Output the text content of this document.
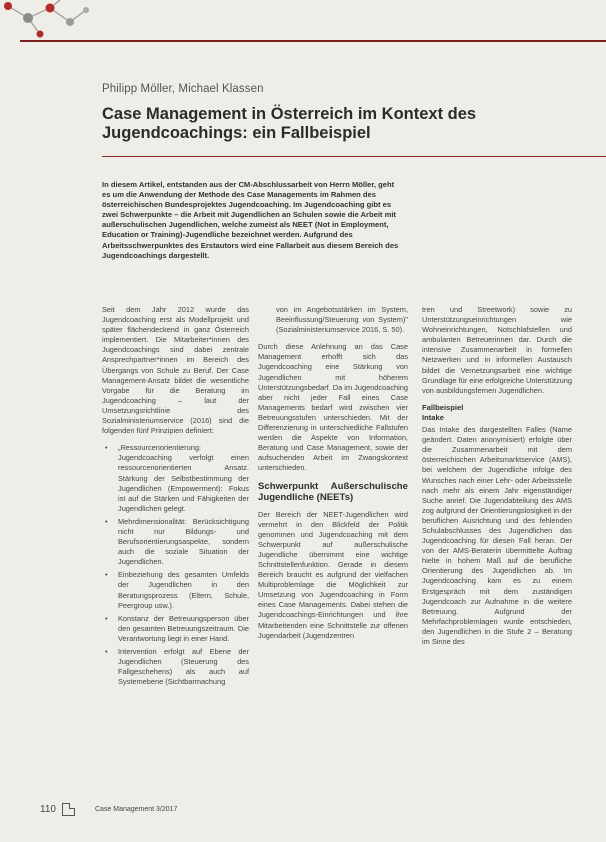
Philipp Möller, Michael Klassen
Case Management in Österreich im Kontext des Jugendcoachings: ein Fallbeispiel
In diesem Artikel, entstanden aus der CM-Abschlussarbeit von Herrn Möller, geht es um die Anwendung der Methode des Case Managements im Rahmen des österreichischen Bundesprojektes Jugendcoaching. Im Jugendcoaching gibt es zwei Schwerpunkte – die Arbeit mit Jugendlichen an Schulen sowie die Arbeit mit außerschulischen Jugendlichen, welche zumeist als NEET (Not in Employment, Education or Training)-Jugendliche bezeichnet werden. Aufgrund des Arbeitsschwerpunktes des Erstautors wird eine Fallarbeit aus diesem Bereich des Jugendcoachings dargestellt.

Seit dem Jahr 2012 wurde das Jugendcoaching erst als Modellprojekt und später flächendeckend in ganz Österreich implementiert. Die Mitarbeiter*innen des Jugendcoachings sind dabei zentrale Ansprechpartner*innen im Bereich des Übergangs von Schule zu Beruf. Der Case Management-Ansatz bildet die wesentliche Vorgabe für die Beratung im Jugendcoaching – laut der Umsetzungsrichtlinie des Sozialministeriumservice (2016) sind die folgenden fünf Prinzipien definiert:

• „Ressourcenorientierung: Jugendcoaching verfolgt einen ressourcenorientierten Ansatz. Stärkung der Selbstbestimmung der Jugendlichen (Empowerment): Fokus ist auf die Stärken und Fähigkeiten der Jugendlichen gelegt.
• Mehrdimensionalität: Berücksichtigung nicht nur Bildungs- und Berufsorientierungsaspekte, sondern auch die soziale Situation der Jugendlichen.
• Einbeziehung des gesamten Umfelds der Jugendlichen in den Beratungsprozess (Eltern, Schule, Peergroup usw.).
• Konstanz der Betreuungsperson über den gesamten Betreuungszeitraum. Die Verantwortung liegt in einer Hand.
• Intervention erfolgt auf Ebene der Jugendlichen (Steuerung des Fallgeschehens) als auch auf Systemebene (Sichtbarmachung

von im Angebotsstärken im System, Beeinflussung/Steuerung von System)" (Sozialministeriumservice 2016, S. 50).

Durch diese Anlehnung an das Case Management erhofft sich das Jugendcoaching eine Stärkung von Jugendlichen mit höherem Unterstützungsbedarf. Da im Jugendcoaching aber nicht jeder Fall eines Case Managements bedarf wird zwischen vier Betreuungsstufen unterschieden. Mit der Differenzierung in unterschiedliche Fallstufen werden die Aspekte von Information, Beratung und Case Management, sowie der aufsuchenden Arbeit im Zwangskontext unterschieden.

Schwerpunkt Außerschulische Jugendliche (NEETs)

Der Bereich der NEET-Jugendlichen wird vermehrt in den Blickfeld der Politik genommen und Jugendcoaching mit dem Schwerpunkt auf außerschulische Jugendliche übernimmt eine wichtige Schnittstellenfunktion. Gerade in diesem Bereich braucht es aufgrund der vielfachen Multiproblemlage die Möglichkeit zur Umsetzung von Jugendcoaching in Form eines Case Managements. Dabei stehen die Jugendcoachings-Einrichtungen und ihre Mitarbeitenden eine Schnittstelle zur offenen Jugendarbeit (Jugendzentren

tren und Streetwork) sowie zu Unterstützungseinrichtungen wie Wohneinrichtungen, Notschlafstellen und ambulanten Betreuerinnen dar. Durch die intensive Zusammenarbeit in formellen Netzwerken und in informellen Austausch bildet die Vernetzungsarbeit eine wichtige Grundlage für eine erfolgreiche Unterstützung von ausbildungsfernen Jugendlichen.

Fallbeispiel
Intake

Das Intake des dargestellten Falles (Name geändert. Daten anonymisiert) erfolgte über die Zusammenarbeit mit dem österreichischen Arbeitsmarktservice (AMS), bei welchem der Jugendliche infolge des Wunsches nach einer Lehr- oder Arbeitsstelle nach mehr als einem Jahr eigenständiger Suche anrief. Die Jugendabteilung des AMS zog aufgrund der Orientierungslosigkeit in der beruflichen Ausrichtung und des fehlenden Schulabschlusses des Jugendlichen das Jugendcoaching für diesen Fall heran. Der von der AMS-Beraterin übermittelte Auftrag hielte in hohem Maß auf die berufliche Orientierung des Jugendlichen ab. Im Jugendcoaching kam es zu einem Erstgespräch mit dem zuständigen Jugendcoach zur Aufnahme in die weitere Betreuung. Aufgrund der Mehrfachproblemlagen wurde entschieden, den Jugendlichen in die Stufe 2 – Beratung im Sinne des

110	Case Management 3/2017
